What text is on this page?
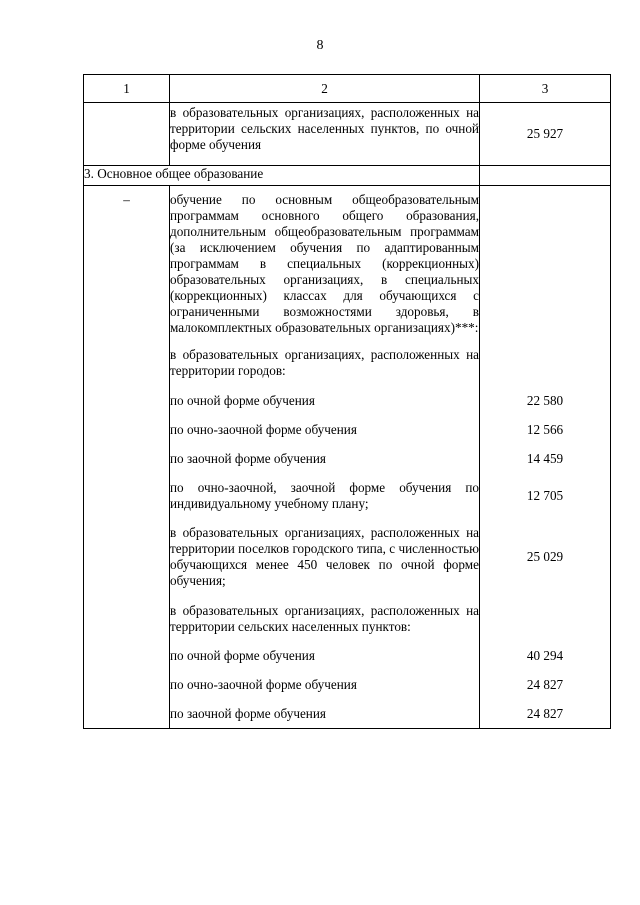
8
1	2	3

	в образовательных организациях, расположенных на территории сельских населенных пунктов, по очной форме обучения	25 927
3. Основное общее образование		
–	обучение по основным общеобразовательным программам основного общего образования, дополнительным общеобразовательным программам (за исключением обучения по адаптированным программам в специальных (коррекционных) образовательных организациях, в специальных (коррекционных) классах для обучающихся с ограниченными возможностями здоровья, в малокомплектных образовательных организациях)***:	

	в образовательных организациях, расположенных на территории городов:	

	по очной форме обучения	22 580

	по очно-заочной форме обучения	12 566

	по заочной форме обучения	14 459

	по очно-заочной, заочной форме обучения по индивидуальному учебному плану;	12 705

	в образовательных организациях, расположенных на территории поселков городского типа, с численностью обучающихся менее 450 человек по очной форме обучения;	25 029

	в образовательных организациях, расположенных на территории сельских населенных пунктов:	

	по очной форме обучения	40 294

	по очно-заочной форме обучения	24 827

	по заочной форме обучения	24 827
